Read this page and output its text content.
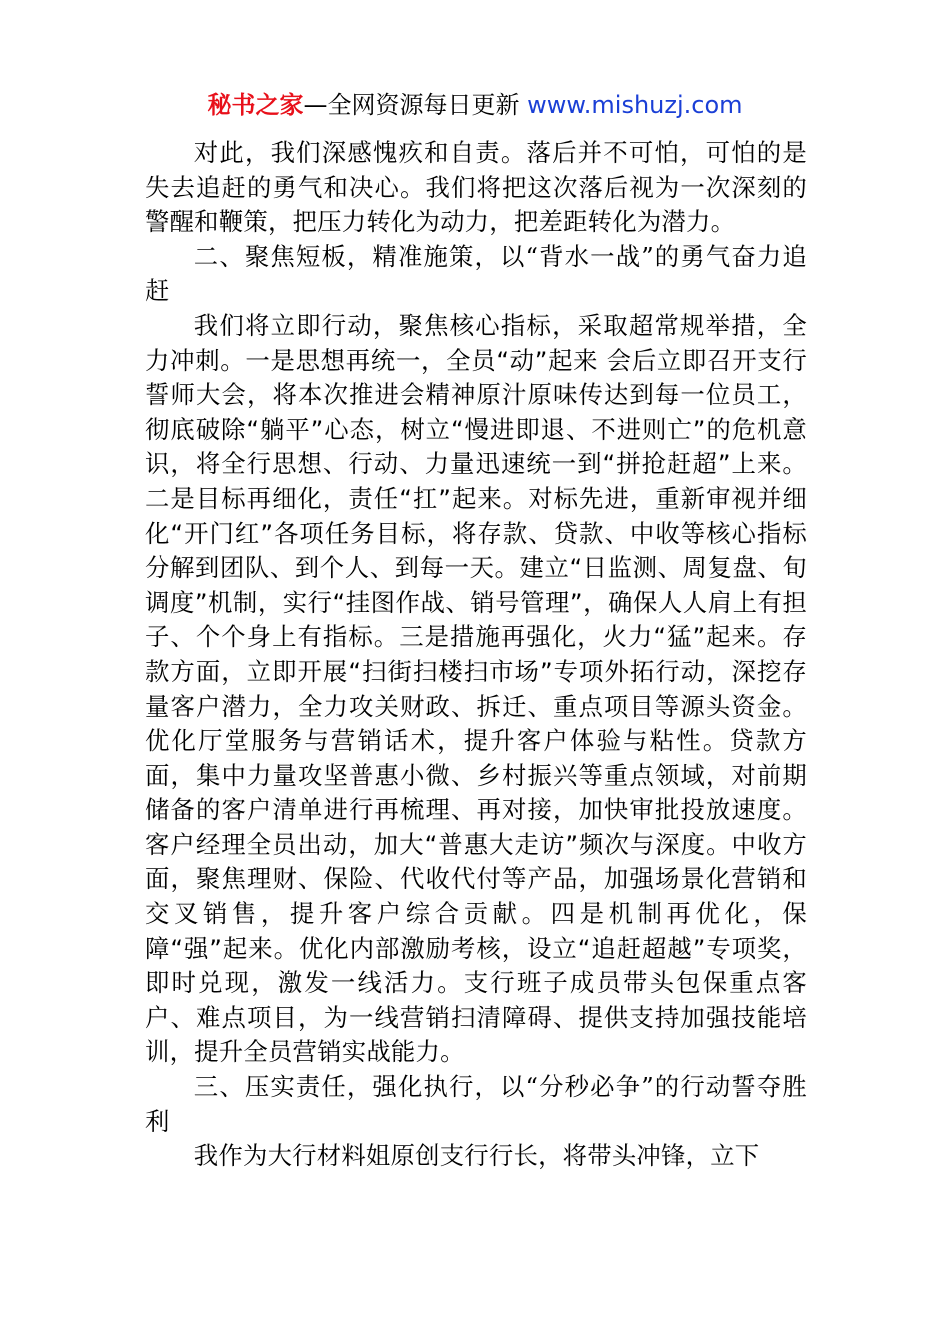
秘书之家—全网资源每日更新 www.mishuzj.com

对此，我们深感愧疚和自责。落后并不可怕，可怕的是失去追赶的勇气和决心。我们将把这次落后视为一次深刻的警醒和鞭策，把压力转化为动力，把差距转化为潜力。

二、聚焦短板，精准施策，以“背水一战”的勇气奋力追赶

我们将立即行动，聚焦核心指标，采取超常规举措，全力冲刺。一是思想再统一，全员“动”起来 会后立即召开支行誓师大会，将本次推进会精神原汁原味传达到每一位员工，彻底破除“躺平”心态，树立“慢进即退、不进则亡”的危机意识，将全行思想、行动、力量迅速统一到“拼抢赶超”上来。二是目标再细化，责任“扛”起来。对标先进，重新审视并细化“开门红”各项任务目标，将存款、贷款、中收等核心指标分解到团队、到个人、到每一天。建立“日监测、周复盘、旬调度”机制，实行“挂图作战、销号管理”，确保人人肩上有担子、个个身上有指标。三是措施再强化，火力“猛”起来。存款方面，立即开展“扫街扫楼扫市场”专项外拓行动，深挖存量客户潜力，全力攻关财政、拆迁、重点项目等源头资金。优化厅堂服务与营销话术，提升客户体验与粘性。贷款方面，集中力量攻坚普惠小微、乡村振兴等重点领域，对前期储备的客户清单进行再梳理、再对接，加快审批投放速度。客户经理全员出动，加大“普惠大走访”频次与深度。中收方面，聚焦理财、保险、代收代付等产品，加强场景化营销和交叉销售，提升客户综合贡献。四是机制再优化，保障“强”起来。优化内部激励考核，设立“追赶超越”专项奖，即时兑现，激发一线活力。支行班子成员带头包保重点客户、难点项目，为一线营销扫清障碍、提供支持加强技能培训，提升全员营销实战能力。

三、压实责任，强化执行，以“分秒必争”的行动誓夺胜利

我作为大行材料姐原创支行行长，将带头冲锋，立下
